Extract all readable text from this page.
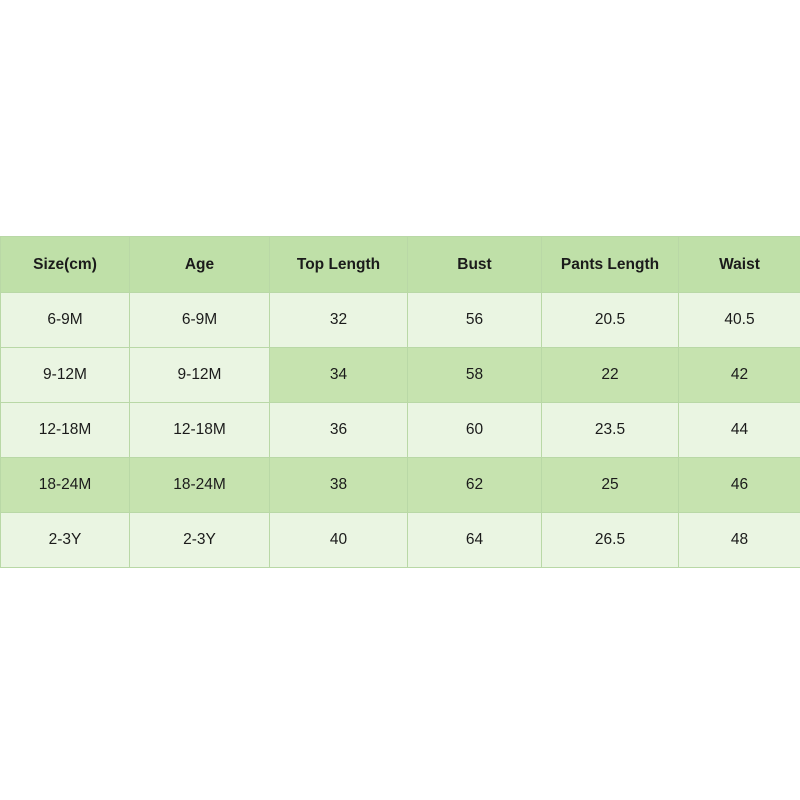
Size(cm)	Age	Top Length	Bust	Pants Length	Waist
6-9M	6-9M	32	56	20.5	40.5
9-12M	9-12M	34	58	22	42
12-18M	12-18M	36	60	23.5	44
18-24M	18-24M	38	62	25	46
2-3Y	2-3Y	40	64	26.5	48
